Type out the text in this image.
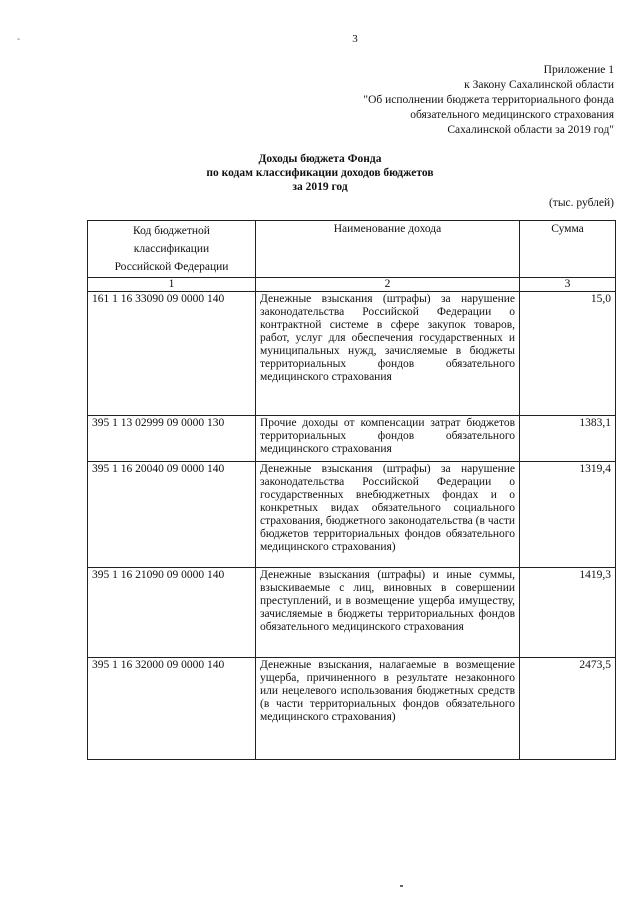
˜	3
Приложение 1
к Закону Сахалинской области
"Об исполнении бюджета территориального фонда
обязательного медицинского страхования
Сахалинской области за 2019 год"
Доходы бюджета Фонда
по кодам классификации доходов бюджетов
за 2019 год
(тыс. рублей)
Код бюджетной
классификации
Российской Федерации	Наименование дохода	Сумма
1	2	3
161 1 16 33090 09 0000 140	Денежные взыскания (штрафы) за нарушение законодательства Российской Федерации о контрактной системе в сфере закупок товаров, работ, услуг для обеспечения государственных и муниципальных нужд, зачисляемые в бюджеты территориальных фондов обязательного медицинского страхования	15,0
395 1 13 02999 09 0000 130	Прочие доходы от компенсации затрат бюджетов территориальных фондов обязательного медицинского страхования	1383,1
395 1 16 20040 09 0000 140	Денежные взыскания (штрафы) за нарушение законодательства Российской Федерации о государственных внебюджетных фондах и о конкретных видах обязательного социального страхования, бюджетного законодательства (в части бюджетов территориальных фондов обязательного медицинского страхования)	1319,4
395 1 16 21090 09 0000 140	Денежные взыскания (штрафы) и иные суммы, взыскиваемые с лиц, виновных в совершении преступлений, и в возмещение ущерба имуществу, зачисляемые в бюджеты территориальных фондов обязательного медицинского страхования	1419,3
395 1 16 32000 09 0000 140	Денежные взыскания, налагаемые в возмещение ущерба, причиненного в результате незаконного или нецелевого использования бюджетных средств (в части территориальных фондов обязательного медицинского страхования)	2473,5
